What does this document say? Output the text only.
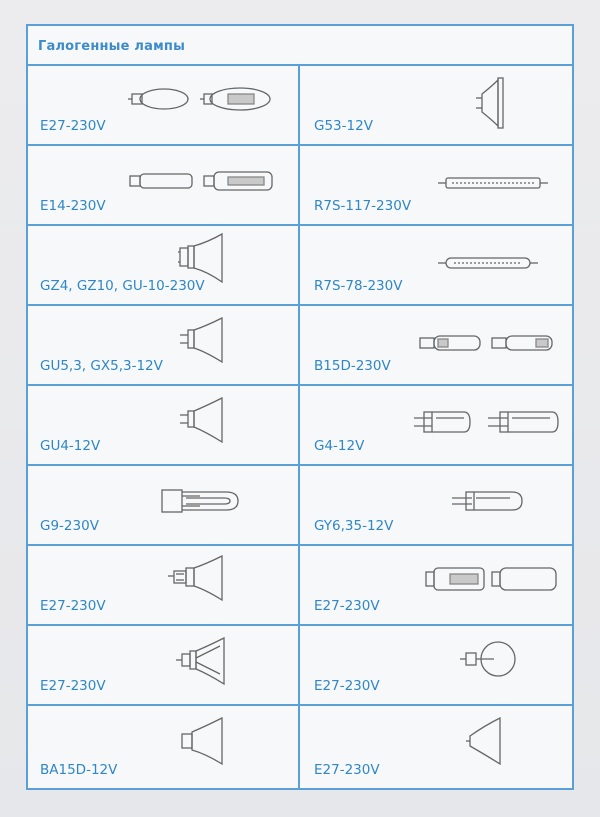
Галогенные лампы
E27-230V
E14-230V
GZ4, GZ10, GU-10-230V
GU5,3, GX5,3-12V
GU4-12V
G9-230V
E27-230V
E27-230V
BA15D-12V
G53-12V
R7S-117-230V
R7S-78-230V
B15D-230V
G4-12V
GY6,35-12V
E27-230V
E27-230V
E27-230V
